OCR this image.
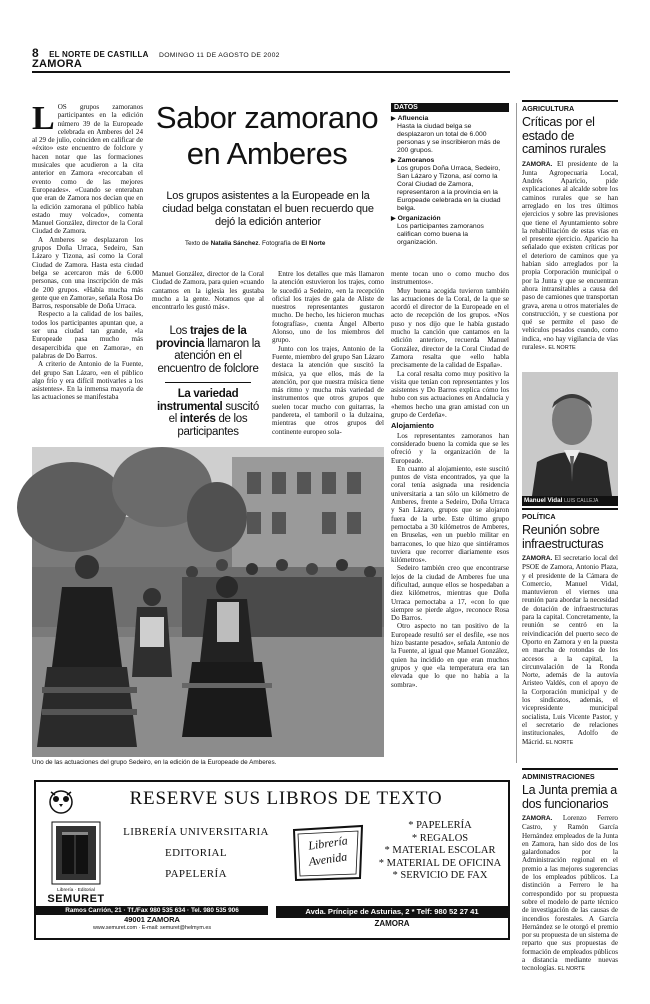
8 EL NORTE DE CASTILLA DOMINGO 11 DE AGOSTO DE 2002
ZAMORA
L OS grupos zamoranos participantes en la edición número 39 de la Europeade celebrada en Amberes del 24 al 29 de julio, coinciden en calificar de «éxito» este encuentro de folclore y hacen notar que las formaciones musicales que acudieron a la cita anterior en Zamora «recorcaban el evento como de las mejores Europeades». «Cuando se enteraban que eran de Zamora nos decían que en la edición zamorana el público había estado muy volcado», comenta Manuel González, director de la Coral Ciudad de Zamora.

A Amberes se desplazaron los grupos Doña Urraca, Sedeiro, San Lázaro y Tizona, así como la Coral Ciudad de Zamora. Hasta esta ciudad belga se acercaron más de 6.000 personas, con una inscripción de más de 200 grupos. «Había mucha más gente que en Zamora», señala Rosa Do Barros, responsable de Doña Urraca.

Respecto a la calidad de los bailes, todos los participantes apuntan que, a ser una ciudad tan grande, «la Europeade pasa mucho más desapercibida que en Zamora», en palabras de Do Barros.

A criterio de Antonio de la Fuente, del grupo San Lázaro, «en el público algo frío y era difícil motivarles a los asistentes». En la inmensa mayoría de las actuaciones se manifestaba

Sabor zamorano
en Amberes
Los grupos asistentes a la Europeade en la ciudad belga constatan el buen recuerdo que dejó la edición anterior
Texto de Natalia Sánchez. Fotografía de El Norte
DATOS
▶ Afluencia
Hasta la ciudad belga se desplazaron un total de 6.000 personas y se inscribieron más de 200 grupos.
▶ Zamoranos
Los grupos Doña Urraca, Sedeiro, San Lázaro y Tizona, así como la Coral Ciudad de Zamora, representaron a la provincia en la Europeade celebrada en la ciudad belga.
▶ Organización
Los participantes zamoranos califican como buena la organización.

Manuel González, director de la Coral Ciudad de Zamora, para quien «cuando cantamos en la iglesia les gustaba mucho a la gente. Notamos que al encontrarlo les gustó más».

Los trajes de la provincia llamaron la atención en el encuentro de folclore
La variedad instrumental suscitó el interés de los participantes

Entre los detalles que más llamaron la atención estuvieron los trajes, como le sucedió a Sedeiro, «en la recepción oficial los trajes de gala de Aliste de nuestros representantes gustaron mucho. De hecho, les hicieron muchas fotografías», cuenta Ángel Alberto Alonso, uno de los miembros del grupo.

Junto con los trajes, Antonio de la Fuente, miembro del grupo San Lázaro destaca la atención que suscitó la música, ya que ellos, más de la atención, por que nuestra música tiene más ritmo y mucha más variedad de instrumentos que otros grupos que suelen tocar mucho con guitarras, la pandereta, el tamboril o la dulzaina, mientras que otros grupos del continente europeo sola-

mente tocan uno o como mucho dos instrumentos».

Muy buena acogida tuvieron también las actuaciones de la Coral, de la que se acordó el director de la Europeade en el acto de recepción de los grupos. «Nos puso y nos dijo que le había gustado mucho la canción que cantamos en la edición anterior», recuerda Manuel González, director de la Coral Ciudad de Zamora resalta que «ello habla precisamente de la calidad de España».

La coral resalta como muy positivo la visita que tenían con representantes y los asistentes y Do Barros explica cómo los hubo con sus actuaciones en Andalucía y «hemos hecho una gran amistad con un grupo de Cerdeña».

Alojamiento

Los representantes zamoranos han considerado bueno la comida que se les ofreció y la organización de la Europeade.

En cuanto al alojamiento, este suscitó puntos de vista encontrados, ya que la coral tenía asignada una residencia universitaria a tan sólo un kilómetro de Amberes, frente a Sedeiro, Doña Urraca y San Lázaro, grupos que se alojaron fuera de la urbe. Este último grupo pernoctaba a 30 kilómetros de Amberes, en Bruselas, «en un pueblo militar en barracones, lo que hizo que sintiéramos tuviera que recorrer diariamente esos kilómetros».

Sedeiro también creo que encontrarse lejos de la ciudad de Amberes fue una dificultad, aunque ellos se hospedaban a diez kilómetros, mientras que Doña Urraca pernoctaba a 17, «con lo que siempre se pierde algo», reconoce Rosa Do Barros.

Otro aspecto no tan positivo de la Europeade resultó ser el desfile, «se nos hizo bastante pesado», señala Antonio de la Fuente, al igual que Manuel González, quien ha incidido en que eran muchos grupos y que «la temperatura era tan elevada que lo que no había a la sombra».

Uno de las actuaciones del grupo Sedeiro, en la edición de la Europeade de Amberes.
AGRICULTURA
Críticas por el estado de caminos rurales
ZAMORA. El presidente de la Junta Agropecuaria Local, Andrés Aparicio, pide explicaciones al alcalde sobre los caminos rurales que se han arreglado en los tres últimos ejercicios y sobre las previsiones que tiene el Ayuntamiento sobre la rehabilitación de estas vías en el presente ejercicio. Aparicio ha señalado que existen críticas por el deterioro de caminos que ya habían sido arreglados por la propia Corporación municipal o por la Junta y que se encuentran ahora intransitables a causa del paso de camiones que transportan grava, arena u otros materiales de construcción, y se cuestiona por qué se permite el paso de vehículos pesados cuando, como indica, «no hay vigilancia de vías rurales». EL NORTE
Manuel Vidal LUIS CALLEJA
POLÍTICA
Reunión sobre infraestructuras
ZAMORA. El secretario local del PSOE de Zamora, Antonio Plaza, y el presidente de la Cámara de Comercio, Manuel Vidal, mantuvieron el viernes una reunión para abordar la necesidad de dotación de infraestructuras para la capital. Concretamente, la reunión se centró en la reivindicación del puerto seco de Oporto en Zamora y en la puesta en marcha de rotondas de los accesos a la capital, la circunvalación de la Ronda Norte, además de la autovía Aristeo Valdés, con el apoyo de la Corporación municipal y de los sindicatos, además, el vicepresidente municipal socialista, Luis Vicente Pastor, y el secretario de relaciones institucionales, Adolfo de Mácrid. EL NORTE
ADMINISTRACIONES
La Junta premia a dos funcionarios
ZAMORA. Lorenzo Ferrero Castro, y Ramón García Hernández empleados de la Junta en Zamora, han sido dos de los galardonados por la Administración regional en el premio a las mejores sugerencias de los empleados públicos. La distinción a Ferrero le ha correspondido por su propuesta sobre el modelo de parte técnico de investigación de las causas de incendios forestales. A García Hernández se le otorgó el premio por su propuesta de un sistema de reparto que sus propuestas de formación de empleados públicos a distancia mediante nuevas tecnologías. EL NORTE
RESERVE SUS LIBROS DE TEXTO
Librería · Editorial
SEMURET
LIBRERÍA UNIVERSITARIA
EDITORIAL
PAPELERÍA
Librería
Avenida
* PAPELERÍA
* REGALOS
* MATERIAL ESCOLAR
* MATERIAL DE OFICINA
* SERVICIO DE FAX
Ramos Carrión, 21 · Tf./Fax 980 535 634 · Tel. 980 535 906
49001 ZAMORA
www.semuret.com · E-mail: semuret@helmym.es
Avda. Príncipe de Asturias, 2 * Telf: 980 52 27 41
ZAMORA
